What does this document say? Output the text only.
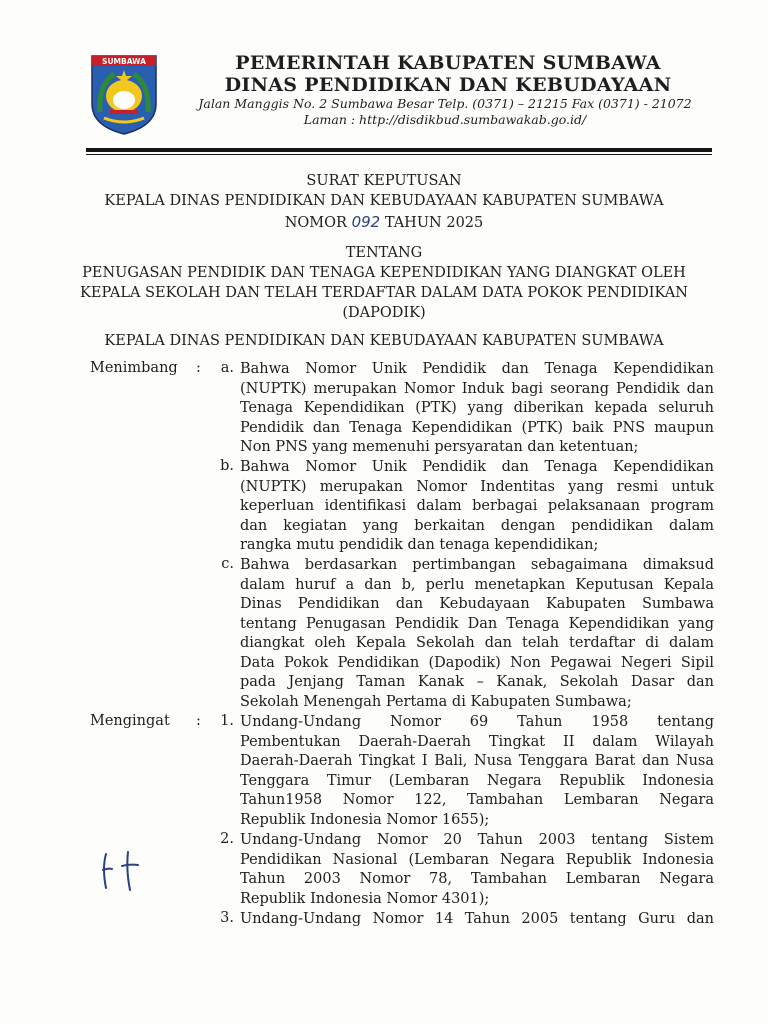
SUMBAWA	PEMERINTAH KABUPATEN SUMBAWA
DINAS PENDIDIKAN DAN KEBUDAYAAN
Jalan Manggis No. 2 Sumbawa Besar Telp. (0371) – 21215 Fax (0371) - 21072
Laman : http://disdikbud.sumbawakab.go.id/
SURAT KEPUTUSAN
KEPALA DINAS PENDIDIKAN DAN KEBUDAYAAN KABUPATEN SUMBAWA
NOMOR 092 TAHUN 2025
TENTANG
PENUGASAN PENDIDIK DAN TENAGA KEPENDIDIKAN YANG DIANGKAT OLEH
KEPALA SEKOLAH DAN TELAH TERDAFTAR DALAM DATA POKOK PENDIDIKAN
(DAPODIK)
KEPALA DINAS PENDIDIKAN DAN KEBUDAYAAN KABUPATEN SUMBAWA
Menimbang :	a. Bahwa Nomor Unik Pendidik dan Tenaga Kependidikan
(NUPTK) merupakan Nomor Induk bagi seorang Pendidik dan
Tenaga Kependidikan (PTK) yang diberikan kepada seluruh
Pendidik dan Tenaga Kependidikan (PTK) baik PNS maupun
Non PNS yang memenuhi persyaratan dan ketentuan;
b. Bahwa Nomor Unik Pendidik dan Tenaga Kependidikan
(NUPTK) merupakan Nomor Indentitas yang resmi untuk
keperluan identifikasi dalam berbagai pelaksanaan program
dan kegiatan yang berkaitan dengan pendidikan dalam
rangka mutu pendidik dan tenaga kependidikan;
c. Bahwa berdasarkan pertimbangan sebagaimana dimaksud
dalam huruf a dan b, perlu menetapkan Keputusan Kepala
Dinas Pendidikan dan Kebudayaan Kabupaten Sumbawa
tentang Penugasan Pendidik Dan Tenaga Kependidikan yang
diangkat oleh Kepala Sekolah dan telah terdaftar di dalam
Data Pokok Pendidikan (Dapodik) Non Pegawai Negeri Sipil
pada Jenjang Taman Kanak – Kanak, Sekolah Dasar dan
Sekolah Menengah Pertama di Kabupaten Sumbawa;
Mengingat :	1. Undang-Undang Nomor 69 Tahun 1958 tentang
Pembentukan Daerah-Daerah Tingkat II dalam Wilayah
Daerah-Daerah Tingkat I Bali, Nusa Tenggara Barat dan Nusa
Tenggara Timur (Lembaran Negara Republik Indonesia
Tahun1958 Nomor 122, Tambahan Lembaran Negara
Republik Indonesia Nomor 1655);
2. Undang-Undang Nomor 20 Tahun 2003 tentang Sistem
Pendidikan Nasional (Lembaran Negara Republik Indonesia
Tahun 2003 Nomor 78, Tambahan Lembaran Negara
Republik Indonesia Nomor 4301);
3. Undang-Undang Nomor 14 Tahun 2005 tentang Guru dan
